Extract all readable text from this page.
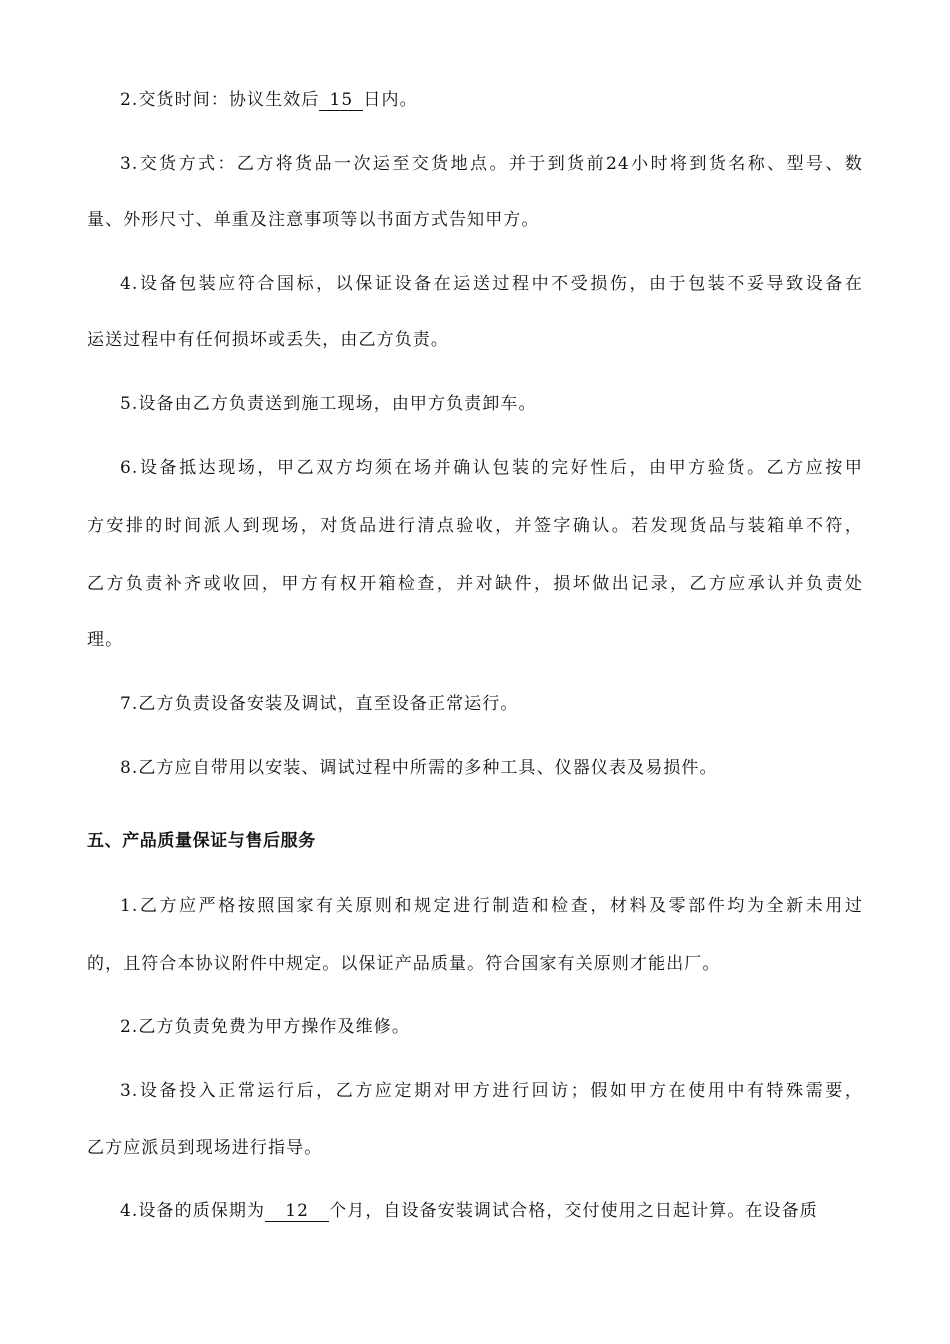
2.交货时间：协议生效后 15 日内。
3.交货方式：乙方将货品一次运至交货地点。并于到货前24小时将到货名称、型号、数
量、外形尺寸、单重及注意事项等以书面方式告知甲方。
4.设备包装应符合国标，以保证设备在运送过程中不受损伤，由于包装不妥导致设备在
运送过程中有任何损坏或丢失，由乙方负责。
5.设备由乙方负责送到施工现场，由甲方负责卸车。
6.设备抵达现场，甲乙双方均须在场并确认包装的完好性后，由甲方验货。乙方应按甲
方安排的时间派人到现场，对货品进行清点验收，并签字确认。若发现货品与装箱单不符，
乙方负责补齐或收回，甲方有权开箱检查，并对缺件，损坏做出记录，乙方应承认并负责处
理。
7.乙方负责设备安装及调试，直至设备正常运行。
8.乙方应自带用以安装、调试过程中所需的多种工具、仪器仪表及易损件。
五、产品质量保证与售后服务
1.乙方应严格按照国家有关原则和规定进行制造和检查，材料及零部件均为全新未用过
的，且符合本协议附件中规定。以保证产品质量。符合国家有关原则才能出厂。
2.乙方负责免费为甲方操作及维修。
3.设备投入正常运行后，乙方应定期对甲方进行回访；假如甲方在使用中有特殊需要，
乙方应派员到现场进行指导。
4.设备的质保期为 12 个月，自设备安装调试合格，交付使用之日起计算。在设备质
